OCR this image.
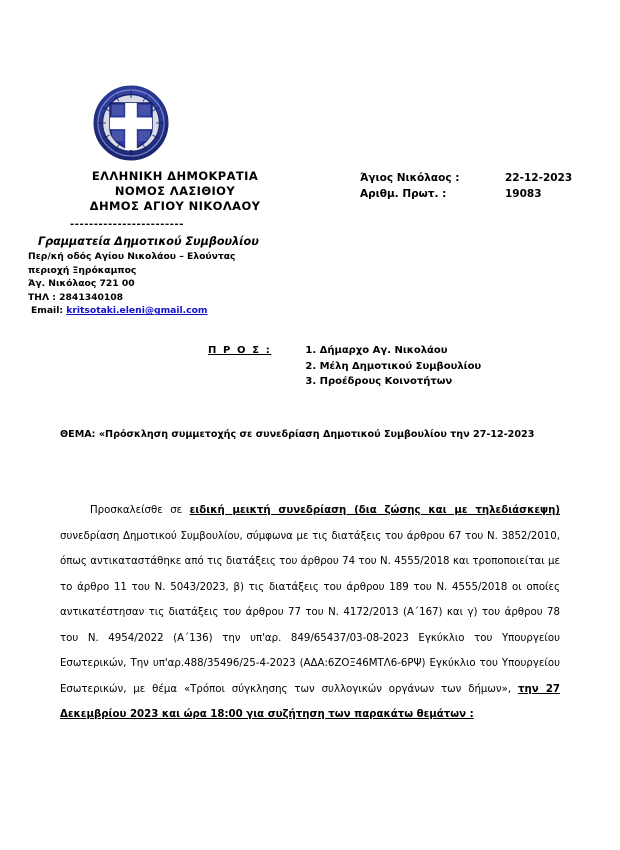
ΕΛΛΗΝΙΚΗ ΔΗΜΟΚΡΑΤΙΑ
ΝΟΜΟΣ ΛΑΣΙΘΙΟΥ
ΔΗΜΟΣ ΑΓΙΟΥ ΝΙΚΟΛΑΟΥ
Άγιος Νικόλαος :	22-12-2023
Αριθμ. Πρωτ. :	19083
------------------------
Γραμματεία Δημοτικού Συμβουλίου
Περ/κή οδός Αγίου Νικολάου – Ελούντας
περιοχή Ξηρόκαμπος
Άγ. Νικόλαος 721 00
ΤΗΛ : 2841340108
Email: kritsotaki.eleni@gmail.com
Π Ρ Ο Σ :	1. Δήμαρχο Αγ. Νικολάου
2. Μέλη Δημοτικού Συμβουλίου
3. Προέδρους Κοινοτήτων
ΘΕΜΑ: «Πρόσκληση συμμετοχής σε συνεδρίαση Δημοτικού Συμβουλίου την 27-12-2023
Προσκαλείσθε σε ειδική μεικτή συνεδρίαση (δια ζώσης και με τηλεδιάσκεψη) συνεδρίαση Δημοτικού Συμβουλίου, σύμφωνα με τις διατάξεις του άρθρου 67 του Ν. 3852/2010, όπως αντικαταστάθηκε από τις διατάξεις του άρθρου 74 του Ν. 4555/2018 και τροποποιείται με το άρθρο 11 του Ν. 5043/2023, β) τις διατάξεις του άρθρου 189 του Ν. 4555/2018 οι οποίες αντικατέστησαν τις διατάξεις του άρθρου 77 του Ν. 4172/2013 (Α΄167) και γ) του άρθρου 78 του Ν. 4954/2022 (Α΄136) την υπ'αρ. 849/65437/03-08-2023 Εγκύκλιο του Υπουργείου Εσωτερικών, Την υπ'αρ.488/35496/25-4-2023 (ΑΔΑ:6ΖΟΞ46ΜΤΛ6-6ΡΨ) Εγκύκλιο του Υπουργείου Εσωτερικών, με θέμα «Τρόποι σύγκλησης των συλλογικών οργάνων των δήμων», την 27 Δεκεμβρίου 2023 και ώρα 18:00 για συζήτηση των παρακάτω θεμάτων :
